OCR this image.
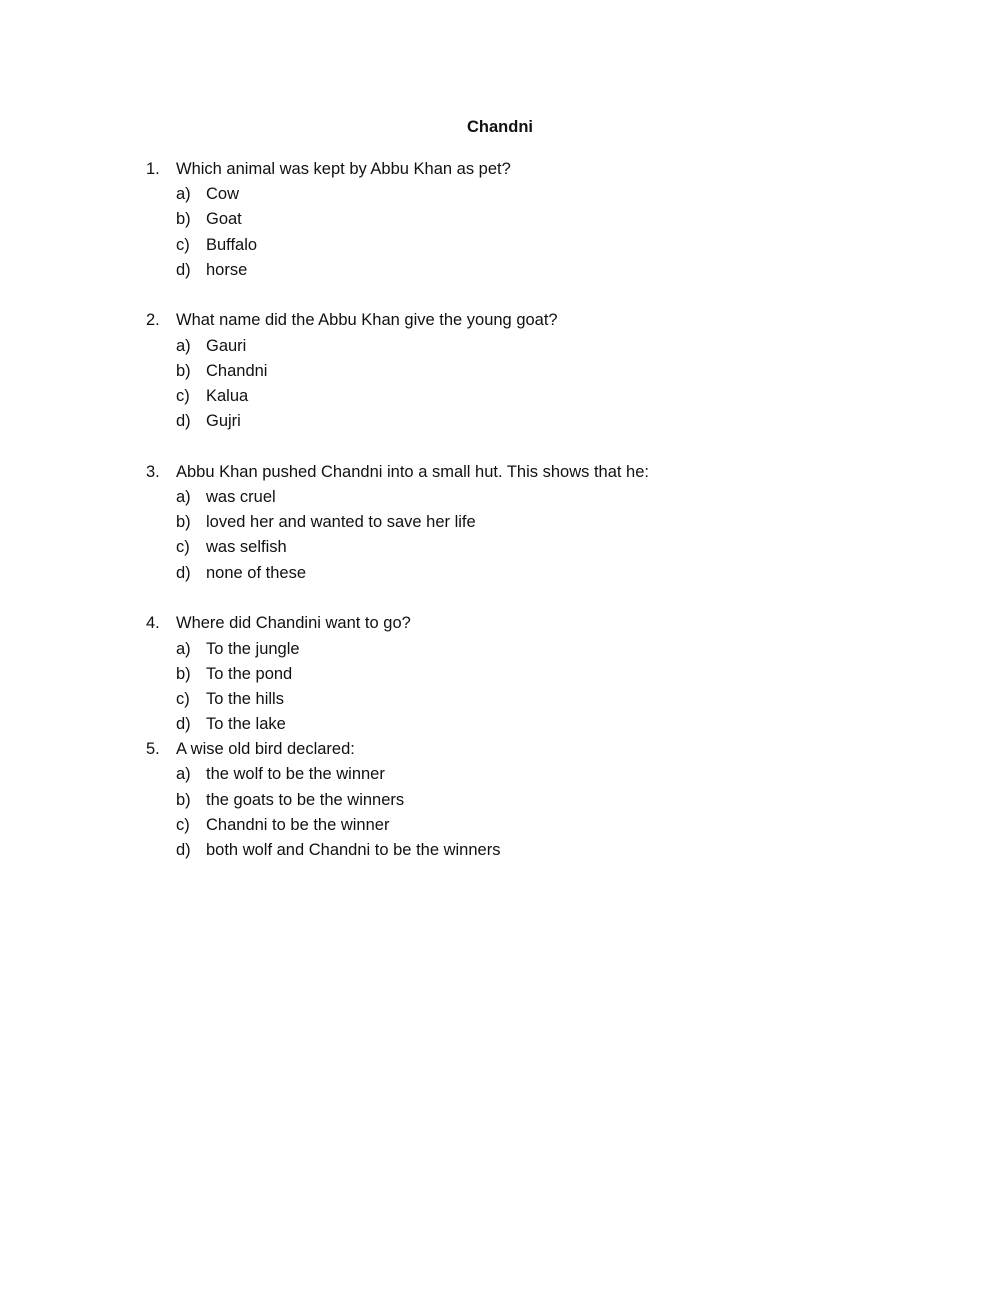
Chandni
1. Which animal was kept by Abbu Khan as pet?
a) Cow
b) Goat
c) Buffalo
d) horse
2. What name did the Abbu Khan give the young goat?
a) Gauri
b) Chandni
c) Kalua
d) Gujri
3. Abbu Khan pushed Chandni into a small hut. This shows that he:
a) was cruel
b) loved her and wanted to save her life
c) was selfish
d) none of these
4. Where did Chandini want to go?
a) To the jungle
b) To the pond
c) To the hills
d) To the lake
5. A wise old bird declared:
a) the wolf to be the winner
b) the goats to be the winners
c) Chandni to be the winner
d) both wolf and Chandni to be the winners
